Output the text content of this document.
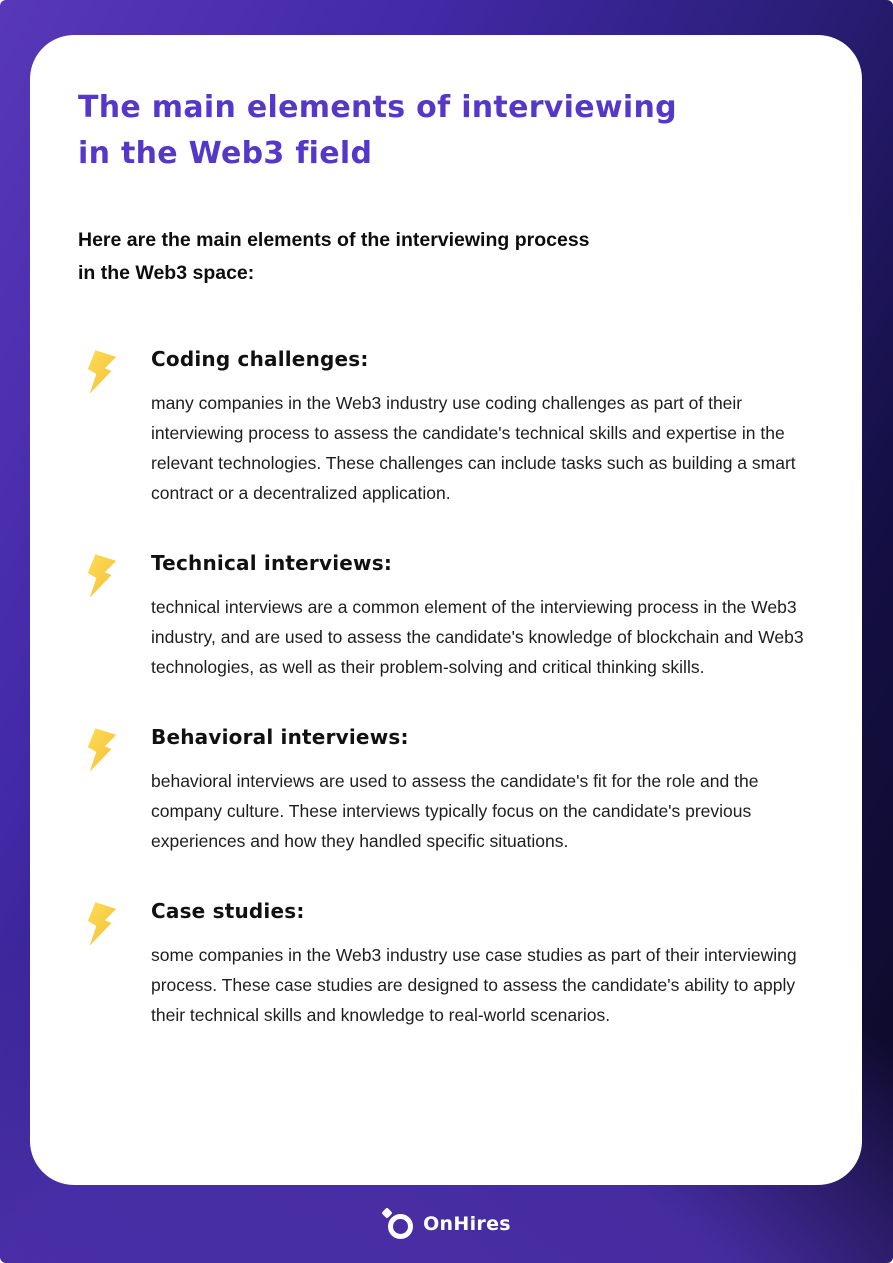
The main elements of interviewing
in the Web3 field

Here are the main elements of the interviewing process
in the Web3 space:

Coding challenges:

many companies in the Web3 industry use coding challenges as part of their interviewing process to assess the candidate's technical skills and expertise in the relevant technologies. These challenges can include tasks such as building a smart contract or a decentralized application.

Technical interviews:

technical interviews are a common element of the interviewing process in the Web3 industry, and are used to assess the candidate's knowledge of blockchain and Web3 technologies, as well as their problem-solving and critical thinking skills.

Behavioral interviews:

behavioral interviews are used to assess the candidate's fit for the role and the company culture. These interviews typically focus on the candidate's previous experiences and how they handled specific situations.

Case studies:

some companies in the Web3 industry use case studies as part of their interviewing process. These case studies are designed to assess the candidate's ability to apply their technical skills and knowledge to real-world scenarios.

OnHires
